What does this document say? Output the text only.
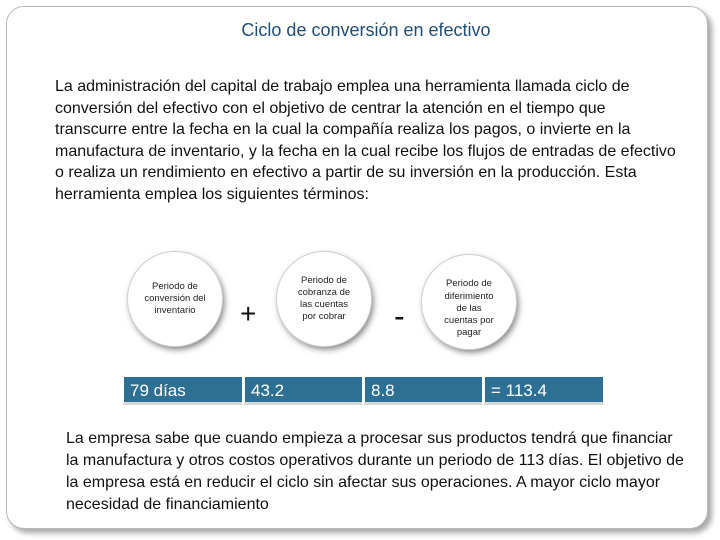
Ciclo de conversión en efectivo

La administración del capital de trabajo emplea una herramienta llamada ciclo de conversión del efectivo con el objetivo de centrar la atención en el tiempo que transcurre entre la fecha en la cual la compañía realiza los pagos, o invierte en la manufactura de inventario, y la fecha en la cual recibe los flujos de entradas de efectivo o realiza un rendimiento en efectivo a partir de su inversión en la producción. Esta herramienta emplea los siguientes términos:

Periodo de conversión del inventario	+
Periodo de cobranza de las cuentas por cobrar -
Periodo de diferimiento de las cuentas por pagar
79 días	43.2	8.8	= 113.4

La empresa sabe que cuando empieza a procesar sus productos tendrá que financiar la manufactura y otros costos operativos durante un periodo de 113 días. El objetivo de la empresa está en reducir el ciclo sin afectar sus operaciones. A mayor ciclo mayor necesidad de financiamiento
